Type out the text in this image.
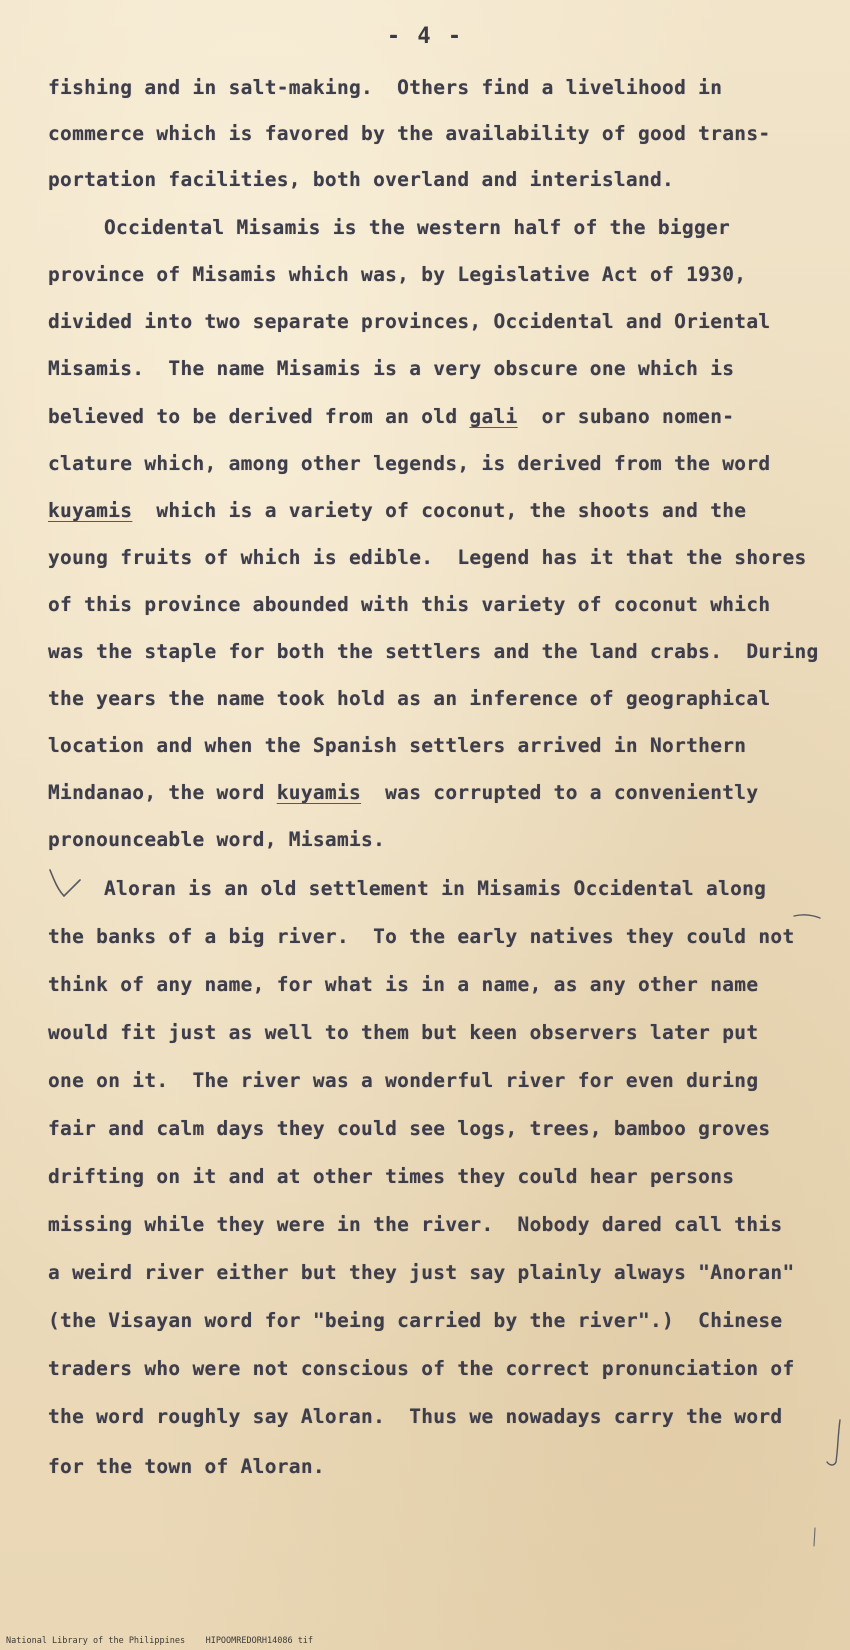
- 4 -
fishing and in salt-making.  Others find a livelihood in
commerce which is favored by the availability of good trans-
portation facilities, both overland and interisland.
Occidental Misamis is the western half of the bigger
province of Misamis which was, by Legislative Act of 1930,
divided into two separate provinces, Occidental and Oriental
Misamis.  The name Misamis is a very obscure one which is
believed to be derived from an old gali  or subano nomen-
clature which, among other legends, is derived from the word
kuyamis  which is a variety of coconut, the shoots and the
young fruits of which is edible.  Legend has it that the shores
of this province abounded with this variety of coconut which
was the staple for both the settlers and the land crabs.  During
the years the name took hold as an inference of geographical
location and when the Spanish settlers arrived in Northern
Mindanao, the word kuyamis  was corrupted to a conveniently
pronounceable word, Misamis.
Aloran is an old settlement in Misamis Occidental along
the banks of a big river.  To the early natives they could not
think of any name, for what is in a name, as any other name
would fit just as well to them but keen observers later put
one on it.  The river was a wonderful river for even during
fair and calm days they could see logs, trees, bamboo groves
drifting on it and at other times they could hear persons
missing while they were in the river.  Nobody dared call this
a weird river either but they just say plainly always "Anoran"
(the Visayan word for "being carried by the river".)  Chinese
traders who were not conscious of the correct pronunciation of
the word roughly say Aloran.  Thus we nowadays carry the word
for the town of Aloran.
National Library of the Philippines    HIPOOMREDORH14086 tif
